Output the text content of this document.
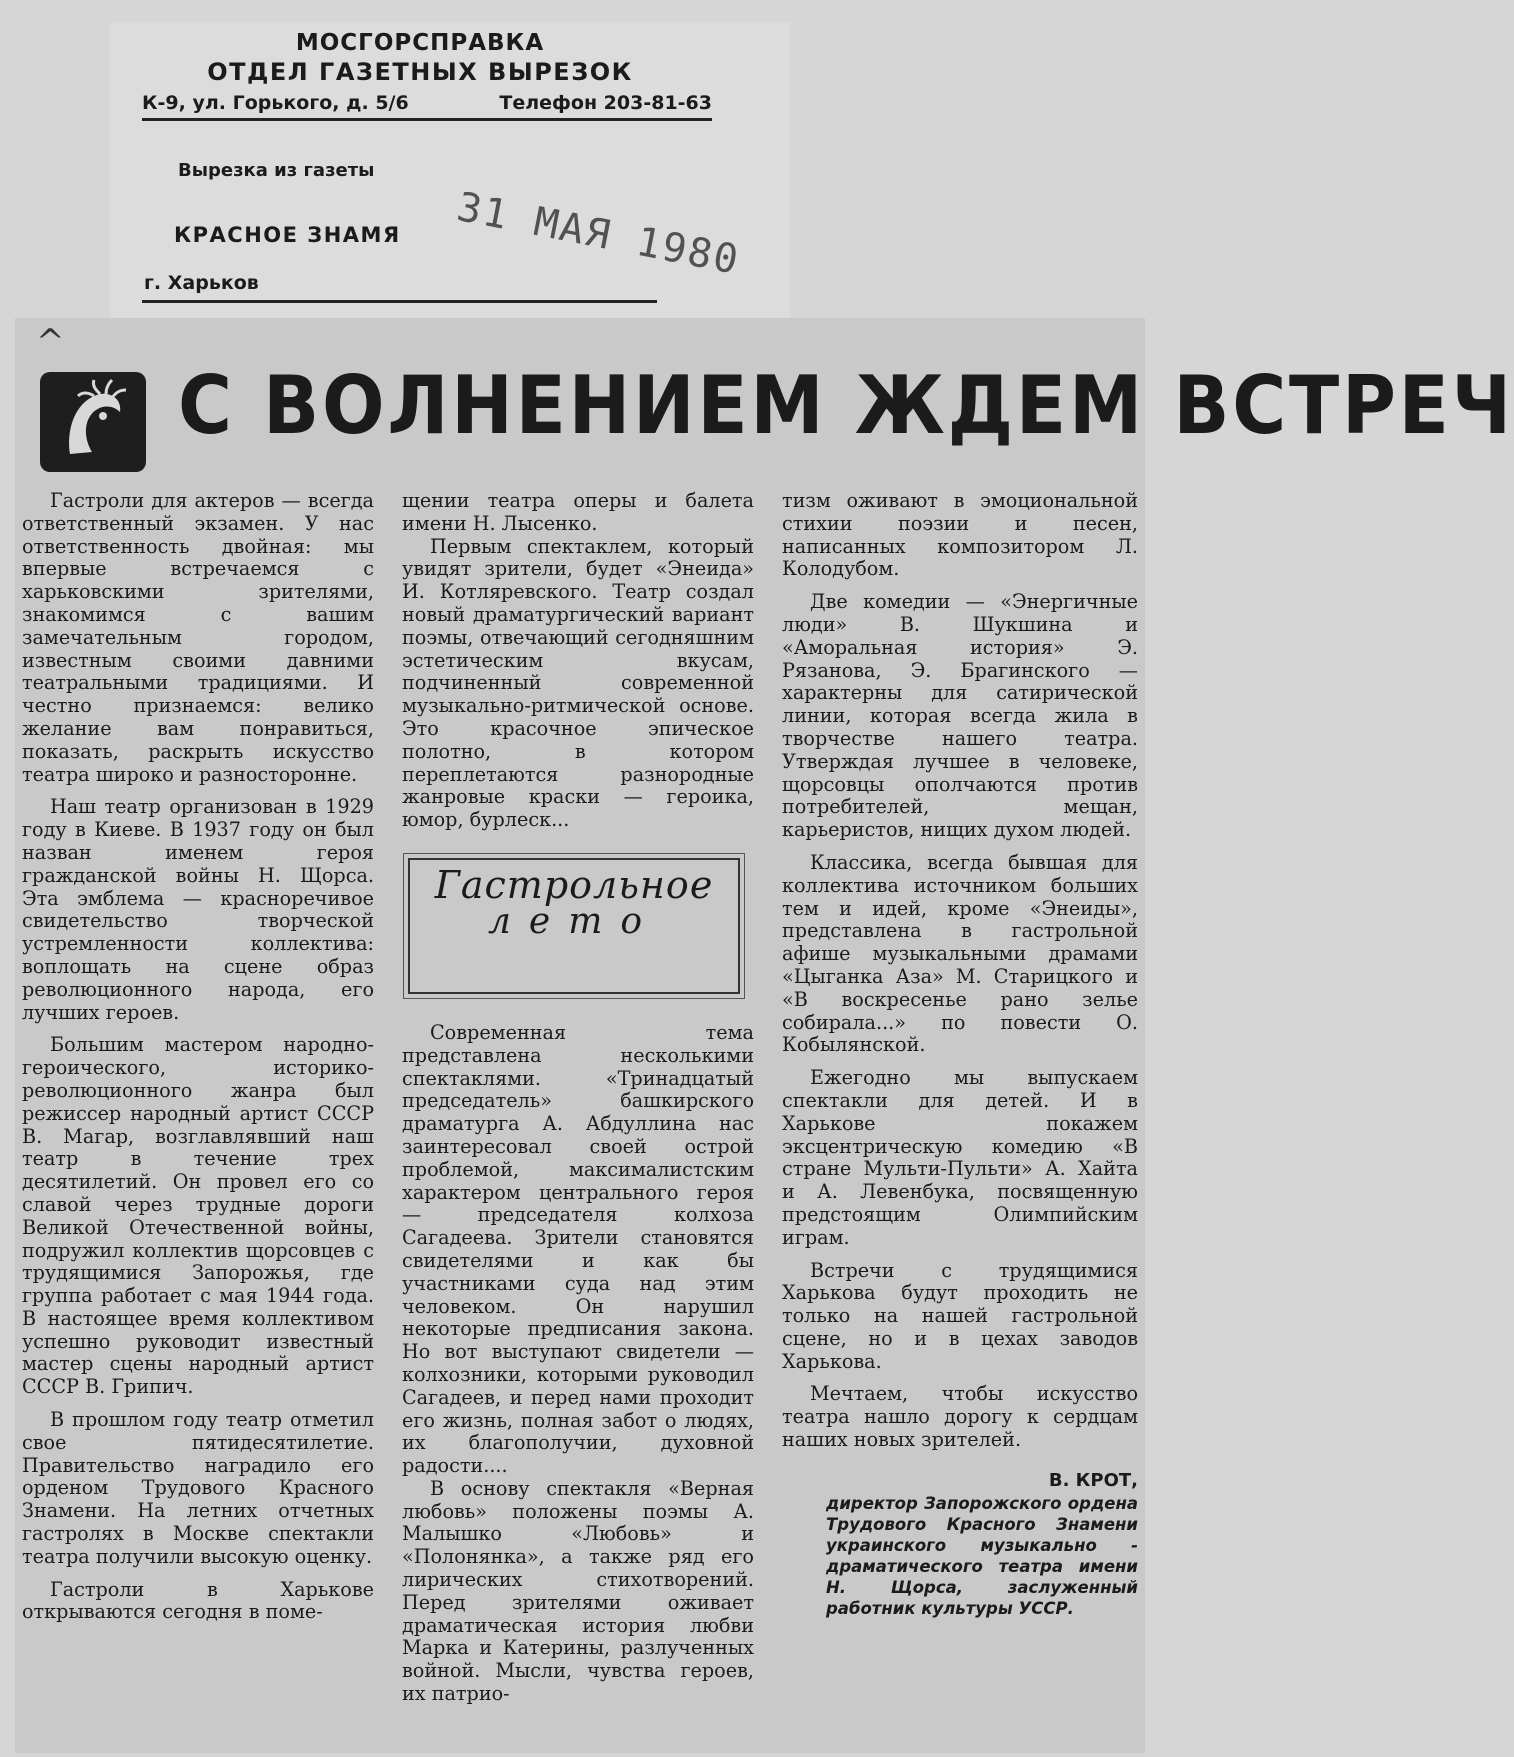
МОСГОРСПРАВКА
ОТДЕЛ ГАЗЕТНЫХ ВЫРЕЗОК
К-9, ул. Горького, д. 5/6	Телефон 203-81-63
Вырезка из газеты
КРАСНОЕ ЗНАМЯ
г. Харьков	31 МАЯ 1980
^
С ВОЛНЕНИЕМ ЖДЕМ ВСТРЕЧ

Гастроли для актеров — всегда ответственный экзамен. У нас ответственность двойная: мы впервые встречаемся с харьковскими зрителями, знакомимся с вашим замечательным городом, известным своими давними театральными традициями. И честно признаемся: велико желание вам понравиться, показать, раскрыть искусство театра широко и разносторонне.

Наш театр организован в 1929 году в Киеве. В 1937 году он был назван именем героя гражданской войны Н. Щорса. Эта эмблема — красноречивое свидетельство творческой устремленности коллектива: воплощать на сцене образ революционного народа, его лучших героев.

Большим мастером народно-героического, историко-революционного жанра был режиссер народный артист СССР В. Магар, возглавлявший наш театр в течение трех десятилетий. Он провел его со славой через трудные дороги Великой Отечественной войны, подружил коллектив щорсовцев с трудящимися Запорожья, где группа работает с мая 1944 года. В настоящее время коллективом успешно руководит известный мастер сцены народный артист СССР В. Грипич.

В прошлом году театр отметил свое пятидесятилетие. Правительство наградило его орденом Трудового Красного Знамени. На летних отчетных гастролях в Москве спектакли театра получили высокую оценку.

Гастроли в Харькове открываются сегодня в поме-

щении театра оперы и балета имени Н. Лысенко.

Первым спектаклем, который увидят зрители, будет «Энеида» И. Котляревского. Театр создал новый драматургический вариант поэмы, отвечающий сегодняшним эстетическим вкусам, подчиненный современной музыкально-ритмической основе. Это красочное эпическое полотно, в котором переплетаются разнородные жанровые краски — героика, юмор, бурлеск...

Гастрольное
лето

Современная тема представлена несколькими спектаклями. «Тринадцатый председатель» башкирского драматурга А. Абдуллина нас заинтересовал своей острой проблемой, максималистским характером центрального героя — председателя колхоза Сагадеева. Зрители становятся свидетелями и как бы участниками суда над этим человеком. Он нарушил некоторые предписания закона. Но вот выступают свидетели — колхозники, которыми руководил Сагадеев, и перед нами проходит его жизнь, полная забот о людях, их благополучии, духовной радости....

В основу спектакля «Верная любовь» положены поэмы А. Малышко «Любовь» и «Полонянка», а также ряд его лирических стихотворений. Перед зрителями оживает драматическая история любви Марка и Катерины, разлученных войной. Мысли, чувства героев, их патрио-

тизм оживают в эмоциональной стихии поэзии и песен, написанных композитором Л. Колодубом.

Две комедии — «Энергичные люди» В. Шукшина и «Аморальная история» Э. Рязанова, Э. Брагинского — характерны для сатирической линии, которая всегда жила в творчестве нашего театра. Утверждая лучшее в человеке, щорсовцы ополчаются против потребителей, мещан, карьеристов, нищих духом людей.

Классика, всегда бывшая для коллектива источником больших тем и идей, кроме «Энеиды», представлена в гастрольной афише музыкальными драмами «Цыганка Аза» М. Старицкого и «В воскресенье рано зелье собирала...» по повести О. Кобылянской.

Ежегодно мы выпускаем спектакли для детей. И в Харькове покажем эксцентрическую комедию «В стране Мульти-Пульти» А. Хайта и А. Левенбука, посвященную предстоящим Олимпийским играм.

Встречи с трудящимися Харькова будут проходить не только на нашей гастрольной сцене, но и в цехах заводов Харькова.

Мечтаем, чтобы искусство театра нашло дорогу к сердцам наших новых зрителей.

В. КРОТ,
директор Запорожского ордена Трудового Красного Знамени украинского музыкально - драматического театра имени Н. Щорса, заслуженный работник культуры УССР.
